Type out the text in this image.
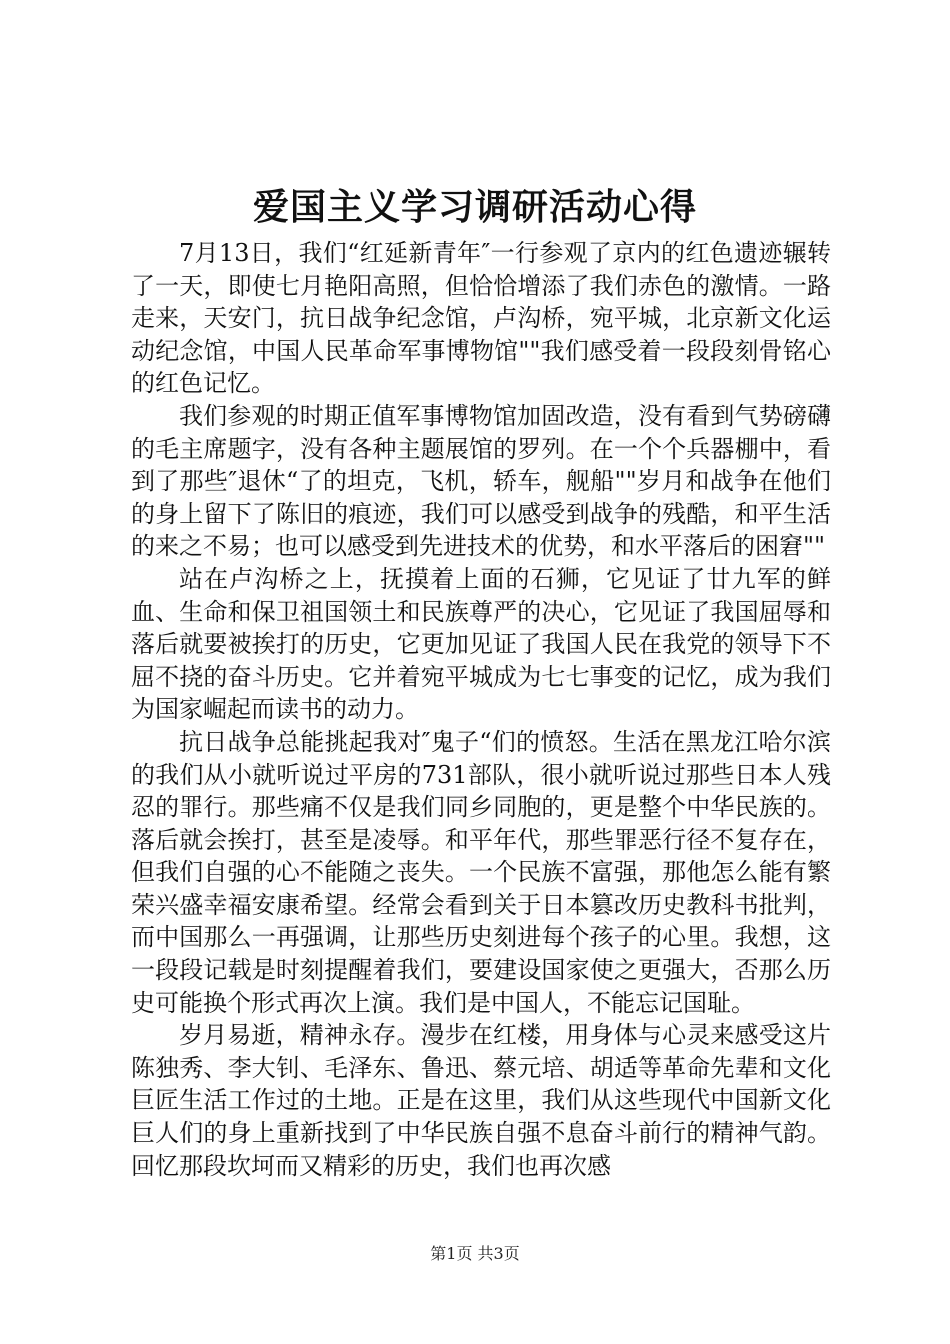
爱国主义学习调研活动心得

7月13日，我们“红延新青年″一行参观了京内的红色遗迹辗转了一天，即使七月艳阳高照，但恰恰增添了我们赤色的激情。一路走来，天安门，抗日战争纪念馆，卢沟桥，宛平城，北京新文化运动纪念馆，中国人民革命军事博物馆""我们感受着一段段刻骨铭心的红色记忆。

我们参观的时期正值军事博物馆加固改造，没有看到气势磅礴的毛主席题字，没有各种主题展馆的罗列。在一个个兵器棚中，看到了那些″退休“了的坦克，飞机，轿车，舰船""岁月和战争在他们的身上留下了陈旧的痕迹，我们可以感受到战争的残酷，和平生活的来之不易；也可以感受到先进技术的优势，和水平落后的困窘""

站在卢沟桥之上，抚摸着上面的石狮，它见证了廿九军的鲜血、生命和保卫祖国领土和民族尊严的决心，它见证了我国屈辱和落后就要被挨打的历史，它更加见证了我国人民在我党的领导下不屈不挠的奋斗历史。它并着宛平城成为七七事变的记忆，成为我们为国家崛起而读书的动力。

抗日战争总能挑起我对″鬼子“们的愤怒。生活在黑龙江哈尔滨的我们从小就听说过平房的731部队，很小就听说过那些日本人残忍的罪行。那些痛不仅是我们同乡同胞的，更是整个中华民族的。落后就会挨打，甚至是凌辱。和平年代，那些罪恶行径不复存在，但我们自强的心不能随之丧失。一个民族不富强，那他怎么能有繁荣兴盛幸福安康希望。经常会看到关于日本篡改历史教科书批判，而中国那么一再强调，让那些历史刻进每个孩子的心里。我想，这一段段记载是时刻提醒着我们，要建设国家使之更强大，否那么历史可能换个形式再次上演。我们是中国人，不能忘记国耻。

岁月易逝，精神永存。漫步在红楼，用身体与心灵来感受这片陈独秀、李大钊、毛泽东、鲁迅、蔡元培、胡适等革命先辈和文化巨匠生活工作过的土地。正是在这里，我们从这些现代中国新文化巨人们的身上重新找到了中华民族自强不息奋斗前行的精神气韵。回忆那段坎坷而又精彩的历史，我们也再次感

第1页 共3页
